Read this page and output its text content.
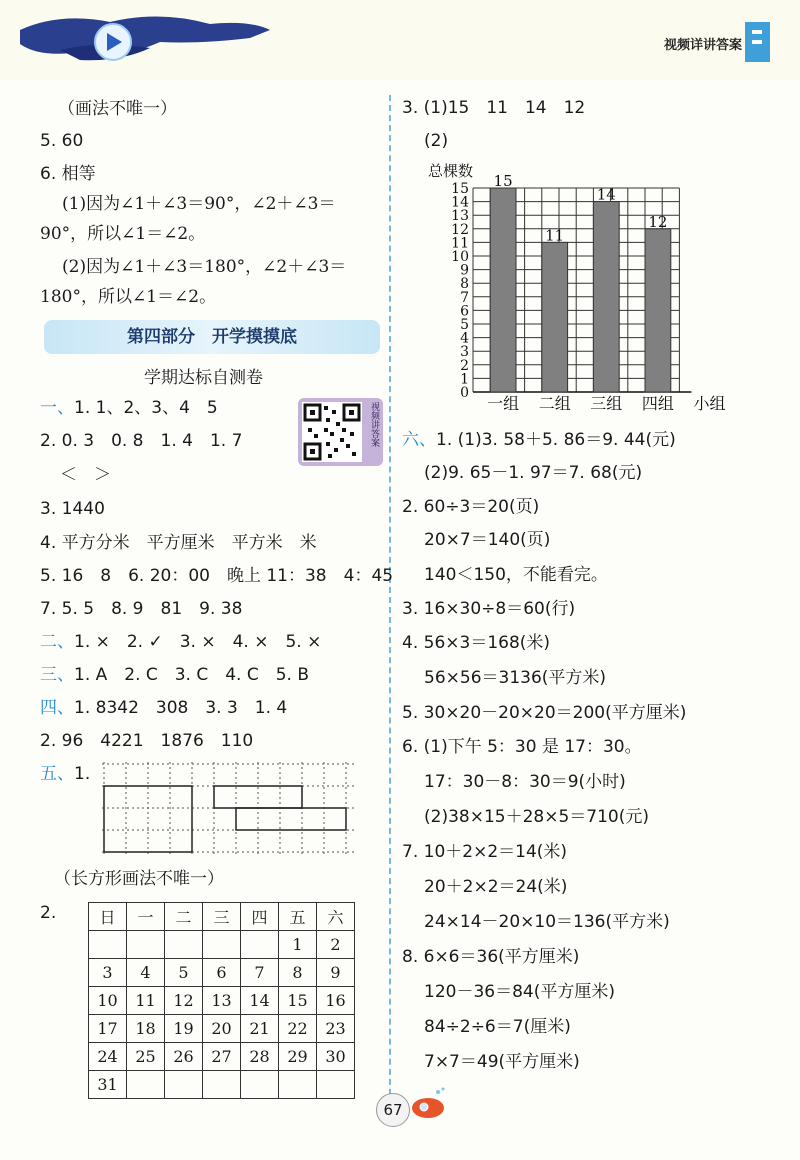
视频详讲答案
（画法不唯一）
5. 60
6. 相等
(1)因为∠1＋∠3＝90°，∠2＋∠3＝
90°，所以∠1＝∠2。
(2)因为∠1＋∠3＝180°，∠2＋∠3＝
180°，所以∠1＝∠2。
第四部分　开学摸摸底
学期达标自测卷
视频讲答案
一、1. 1、2、3、4　5
2. 0. 3　0. 8　1. 4　1. 7
＜　＞
3. 1440
4. 平方分米　平方厘米　平方米　米
5. 16　8　6. 20：00　晚上 11：38　4：45
7. 5. 5　8. 9　81　9. 38
二、1. ×　2. ✓　3. ×　4. ×　5. ×
三、1. A　2. C　3. C　4. C　5. B
四、1. 8342　308　3. 3　1. 4
2. 96　4221　1876　110
五、1.
（长方形画法不唯一）
2.	日	一	二	三	四	五	六
					1	2
3	4	5	6	7	8	9
10	11	12	13	14	15	16
17	18	19	20	21	22	23
24	25	26	27	28	29	30
31						
3. (1)15　11　14　12
(2)
总棵数
0
1
2
3
4
5
6
7
8
9
10
11
12
13
14
15 15
11
14
12
一组 二组 三组 四组 小组
六、1. (1)3. 58＋5. 86＝9. 44(元)
(2)9. 65－1. 97＝7. 68(元)
2. 60÷3＝20(页)
20×7＝140(页)
140＜150，不能看完。
3. 16×30÷8＝60(行)
4. 56×3＝168(米)
56×56＝3136(平方米)
5. 30×20－20×20＝200(平方厘米)
6. (1)下午 5：30 是 17：30。
17：30－8：30＝9(小时)
(2)38×15＋28×5＝710(元)
7. 10＋2×2＝14(米)
20＋2×2＝24(米)
24×14－20×10＝136(平方米)
8. 6×6＝36(平方厘米)
120－36＝84(平方厘米)
84÷2÷6＝7(厘米)
7×7＝49(平方厘米)
67
